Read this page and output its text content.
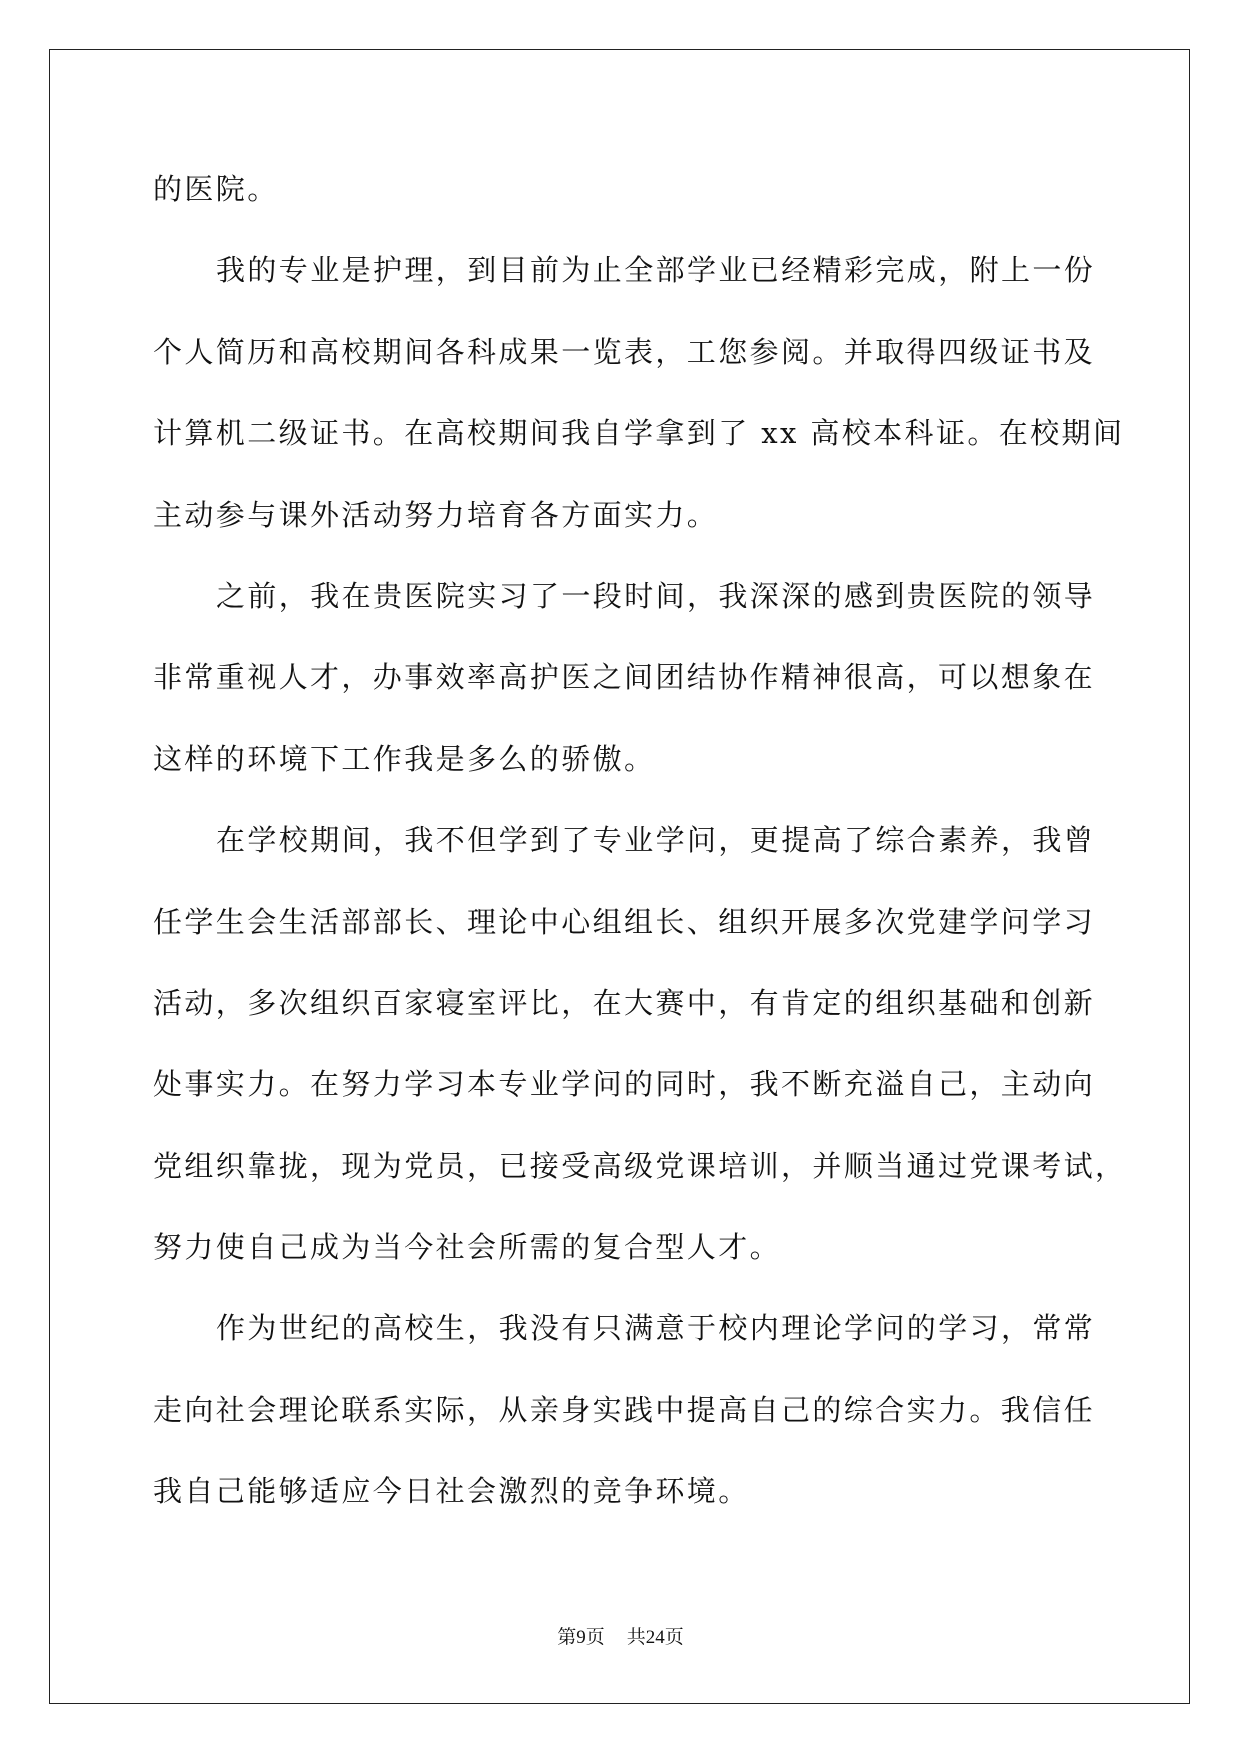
的医院。
我的专业是护理，到目前为止全部学业已经精彩完成，附上一份
个人简历和高校期间各科成果一览表，工您参阅。并取得四级证书及
计算机二级证书。在高校期间我自学拿到了 xx 高校本科证。在校期间
主动参与课外活动努力培育各方面实力。
之前，我在贵医院实习了一段时间，我深深的感到贵医院的领导
非常重视人才，办事效率高护医之间团结协作精神很高，可以想象在
这样的环境下工作我是多么的骄傲。
在学校期间，我不但学到了专业学问，更提高了综合素养，我曾
任学生会生活部部长、理论中心组组长、组织开展多次党建学问学习
活动，多次组织百家寝室评比，在大赛中，有肯定的组织基础和创新
处事实力。在努力学习本专业学问的同时，我不断充溢自己，主动向
党组织靠拢，现为党员，已接受高级党课培训，并顺当通过党课考试，
努力使自己成为当今社会所需的复合型人才。
作为世纪的高校生，我没有只满意于校内理论学问的学习，常常
走向社会理论联系实际，从亲身实践中提高自己的综合实力。我信任
我自己能够适应今日社会激烈的竞争环境。
第9页 共24页
